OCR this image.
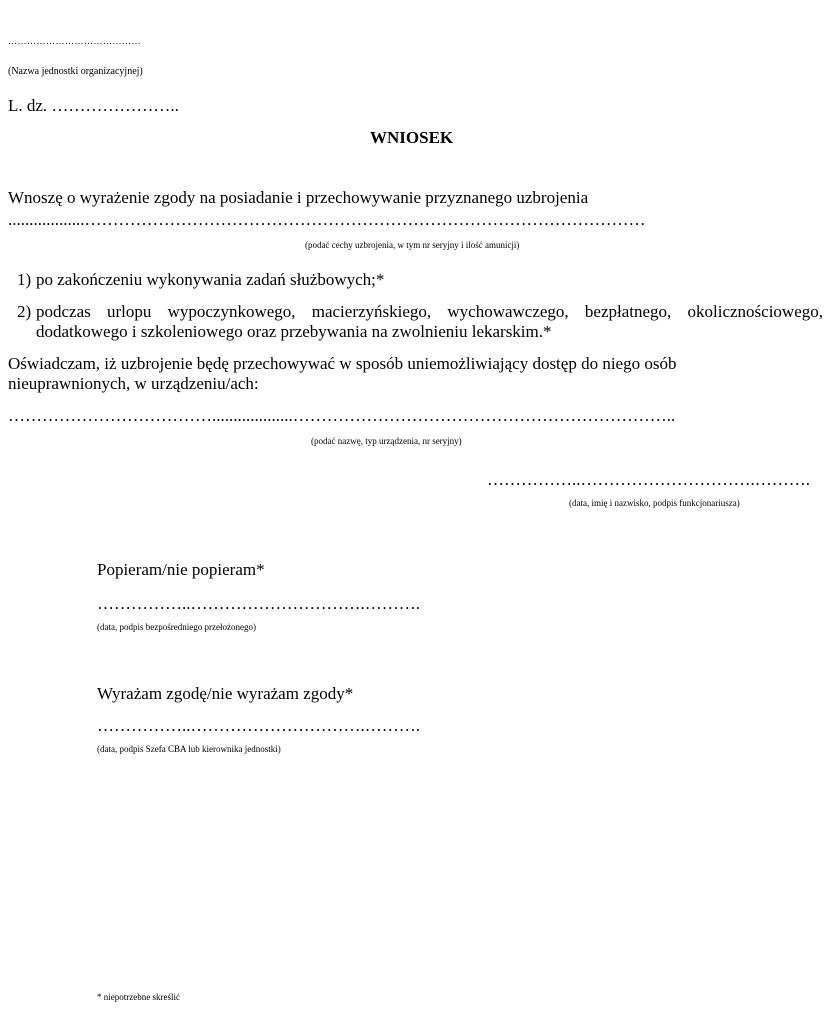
……………………………………
(Nazwa jednostki organizacyjnej)
L. dz. …………………..
WNIOSEK
Wnoszę o wyrażenie zgody na posiadanie i przechowywanie przyznanego uzbrojenia
..................………………………………………………………………………………………
(podać cechy uzbrojenia, w tym nr seryjny i ilość amunicji)
1) po zakończeniu wykonywania zadań służbowych;*
2) podczas urlopu wypoczynkowego, macierzyńskiego, wychowawczego, bezpłatnego, okolicznościowego,
dodatkowego i szkoleniowego oraz przebywania na zwolnieniu lekarskim.*
Oświadczam, iż uzbrojenie będę przechowywać w sposób uniemożliwiający dostęp do niego osób
nieuprawnionych, w urządzeniu/ach:
………………………………...................…………………………………………………………..
(podać nazwę, typ urządzenia, nr seryjny)
……………..………………………….……….
(data, imię i nazwisko, podpis funkcjonariusza)
Popieram/nie popieram*
……………..………………………….……….
(data, podpis bezpośredniego przełożonego)
Wyrażam zgodę/nie wyrażam zgody*
……………..………………………….……….
(data, podpis Szefa CBA lub kierownika jednostki)
* niepotrzebne skreślić
